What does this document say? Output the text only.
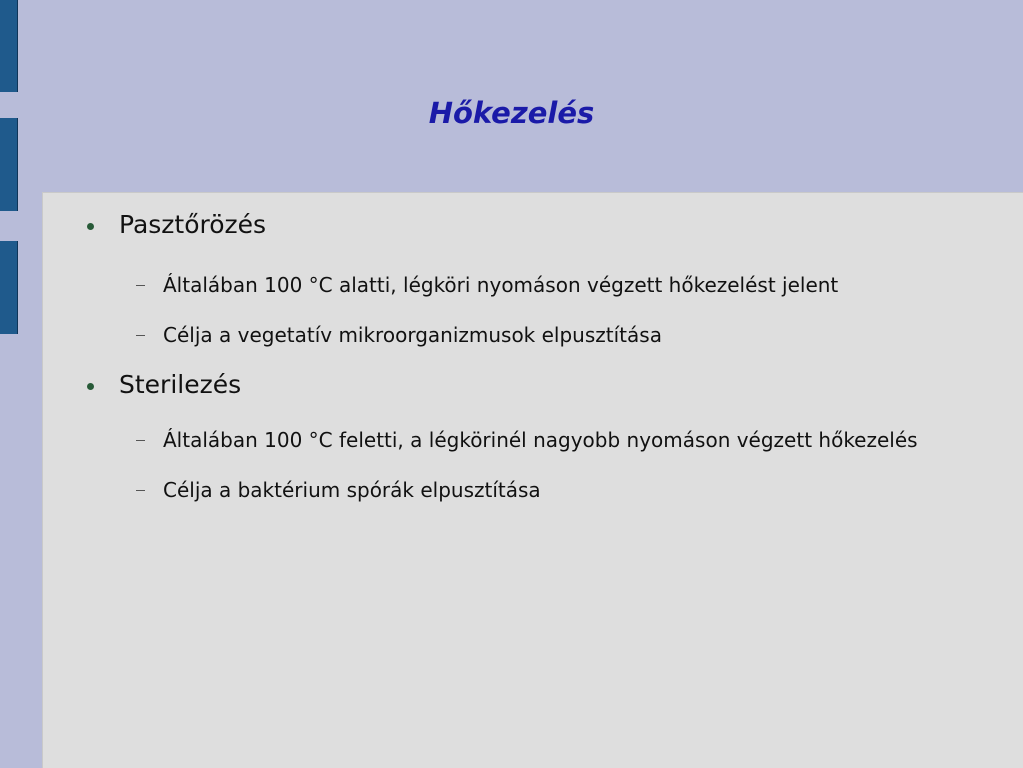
Hőkezelés
Pasztőrözés
Általában 100 °C alatti, légköri nyomáson végzett hőkezelést jelent
Célja a vegetatív mikroorganizmusok elpusztítása
Sterilezés
Általában 100 °C feletti, a légkörinél nagyobb nyomáson végzett hőkezelés
Célja a baktérium spórák elpusztítása
